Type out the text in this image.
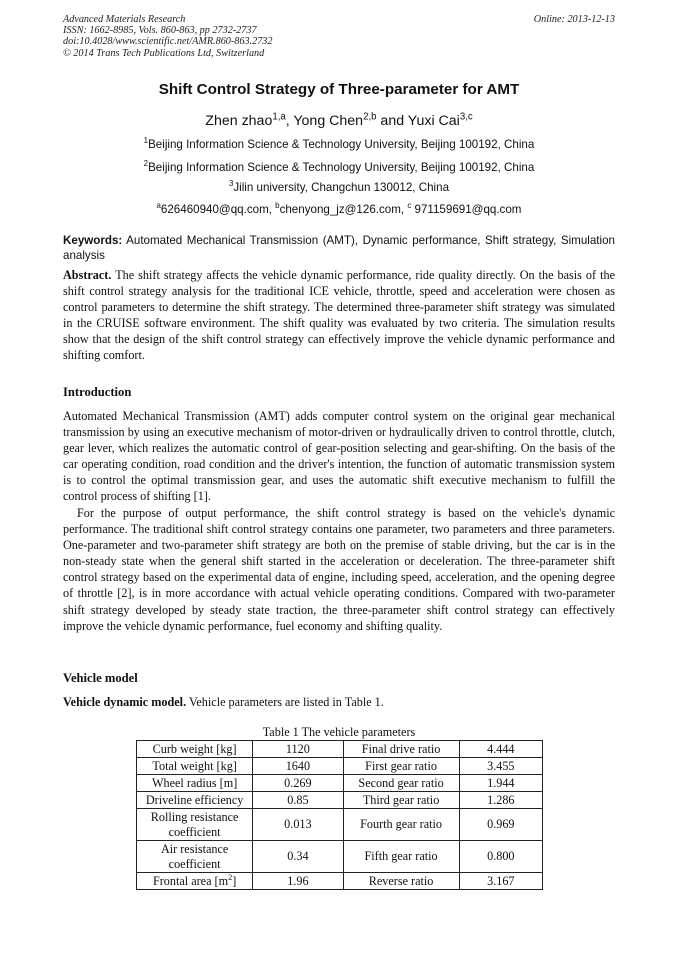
Advanced Materials Research
ISSN: 1662-8985, Vols. 860-863, pp 2732-2737
doi:10.4028/www.scientific.net/AMR.860-863.2732
© 2014 Trans Tech Publications Ltd, Switzerland
Online: 2013-12-13
Shift Control Strategy of Three-parameter for AMT
Zhen zhao$^{1,a}$, Yong Chen$^{2,b}$ and Yuxi Cai$^{3,c}$
$^1$Beijing Information Science & Technology University, Beijing 100192, China
$^2$Beijing Information Science & Technology University, Beijing 100192, China
$^3$Jilin university, Changchun 130012, China
$^a$626460940@qq.com, $^b$chenyong_jz@126.com, $^c$ 971159691@qq.com
Keywords: Automated Mechanical Transmission (AMT), Dynamic performance, Shift strategy, Simulation analysis
Abstract. The shift strategy affects the vehicle dynamic performance, ride quality directly. On the basis of the shift control strategy analysis for the traditional ICE vehicle, throttle, speed and acceleration were chosen as control parameters to determine the shift strategy. The determined three-parameter shift strategy was simulated in the CRUISE software environment. The shift quality was evaluated by two criteria. The simulation results show that the design of the shift control strategy can effectively improve the vehicle dynamic performance and shifting comfort.
Introduction
Automated Mechanical Transmission (AMT) adds computer control system on the original gear mechanical transmission by using an executive mechanism of motor-driven or hydraulically driven to control throttle, clutch, gear lever, which realizes the automatic control of gear-position selecting and gear-shifting. On the basis of the car operating condition, road condition and the driver's intention, the function of automatic transmission system is to control the optimal transmission gear, and uses the automatic shift executive mechanism to fulfill the control process of shifting [1].
For the purpose of output performance, the shift control strategy is based on the vehicle's dynamic performance. The traditional shift control strategy contains one parameter, two parameters and three parameters. One-parameter and two-parameter shift strategy are both on the premise of stable driving, but the car is in the non-steady state when the general shift started in the acceleration or deceleration. The three-parameter shift control strategy based on the experimental data of engine, including speed, acceleration, and the opening degree of throttle [2], is in more accordance with actual vehicle operating conditions. Compared with two-parameter shift strategy developed by steady state traction, the three-parameter shift control strategy can effectively improve the vehicle dynamic performance, fuel economy and shifting quality.
Vehicle model
Vehicle dynamic model. Vehicle parameters are listed in Table 1.
Table 1 The vehicle parameters
Curb weight [kg]	1120	Final drive ratio	4.444
Total weight [kg]	1640	First gear ratio	3.455
Wheel radius [m]	0.269	Second gear ratio	1.944
Driveline efficiency	0.85	Third gear ratio	1.286
Rolling resistance coefficient	0.013	Fourth gear ratio	0.969
Air resistance coefficient	0.34	Fifth gear ratio	0.800
Frontal area $[m^2]$	1.96	Reverse ratio	3.167
